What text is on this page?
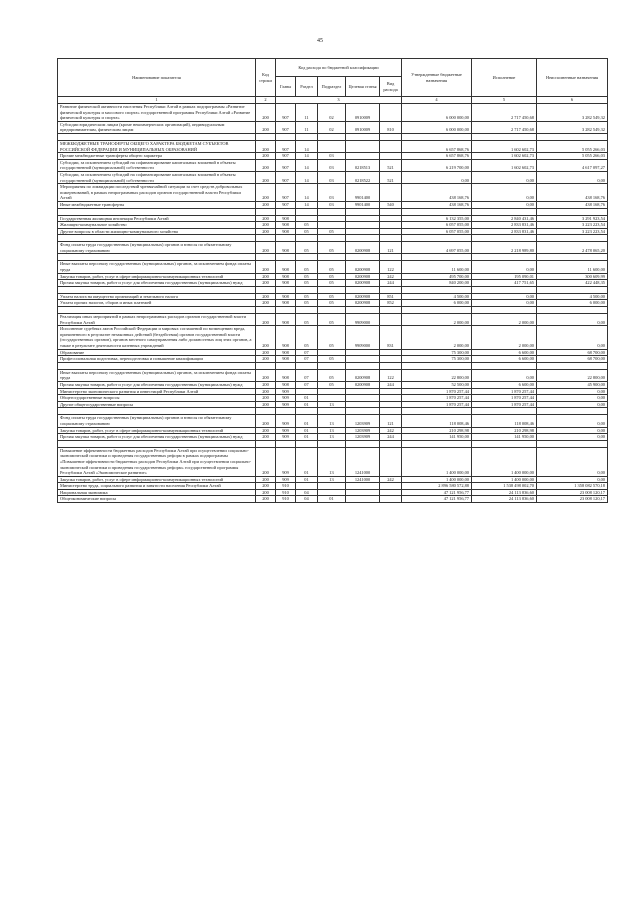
45
Наименование показателя	Код строки	Код расхода по бюджетной классификации					Утвержденные бюджетные назначения	Исполнение	Неисполненные назначения
		Главы	Раздел	Подраздел	Целевая статья	Вид расхода			
1	2	3					4	5	6
Развитие физической активности населения Республики Алтай в рамках подпрограммы «Развитие физической культуры и массового спорта» государственной программы Республики Алтай «Развитие физической культуры и спорта»	200	907	11	02	0910009		6 000 000,00	2 717 450,68	3 282 549,32
Субсидии юридическим лицам (кроме некоммерческих организаций), индивидуальным предпринимателям, физическим лицам	200	907	11	02	0910009	810	6 000 000,00	2 717 450,68	3 282 549,32

МЕЖБЮДЖЕТНЫЕ ТРАНСФЕРТЫ ОБЩЕГО ХАРАКТЕРА БЮДЖЕТАМ СУБЪЕКТОВ РОССИЙСКОЙ ФЕДЕРАЦИИ И МУНИЦИПАЛЬНЫХ ОБРАЗОВАНИЙ	200	907	14				6 657 868,76	1 602 602,73	5 055 266,03
Прочие межбюджетные трансферты общего характера	200	907	14	03			6 657 868,76	1 602 602,73	5 055 266,03
Субсидии, за исключением субсидий на софинансирование капитальных вложений в объекты государственной (муниципальной) собственности	200	907	14	03	0218513	521	6 219 700,00	1 602 602,73	4 617 097,27
Субсидии, за исключением субсидий на софинансирование капитальных вложений в объекты государственной (муниципальной) собственности	200	907	14	03	0218522	521	0,00	0,00	0,00
Мероприятия по ликвидации последствий чрезвычайной ситуации за счет средств добровольных пожертвований, в рамках непрограммных расходов органов государственной власти Республики Алтай	200	907	14	03	9901400		438 168,76	0,00	438 168,76
Иные межбюджетные трансферты	200	907	14	03	9901400	540	438 168,76	0,00	438 168,76

Государственная жилищная инспекция Республики Алтай	200	908					6 132 355,00	2 840 431,46	3 291 923,54
Жилищно-коммунальное хозяйство	200	908	05				6 057 055,00	2 833 831,46	3 223 223,54
Другие вопросы в области жилищно-коммунального хозяйства	200	908	05	05			6 057 055,00	2 833 831,46	3 223 223,54

Фонд оплаты труда государственных (муниципальных) органов и взносы по обязательному социальному страхованию	200	908	05	05	0200908	121	4 697 055,00	2 218 989,80	2 478 065,20

Иные выплаты персоналу государственных (муниципальных) органов, за исключением фонда оплаты труда	200	908	05	05	0200908	122	11 600,00	0,00	11 600,00
Закупка товаров, работ, услуг в сфере информационно-коммуникационных технологий	200	908	05	05	0200908	242	495 700,00	195 090,01	300 609,99
Прочая закупка товаров, работ и услуг для обеспечения государственных (муниципальных) нужд	200	908	05	05	0200908	244	840 200,00	417 751,65	422 448,35

Уплата налога на имущество организаций и земельного налога	200	908	05	05	0200908	851	4 500,00	0,00	4 500,00
Уплата прочих налогов, сборов и иных платежей	200	908	05	05	0200908	852	6 000,00	0,00	6 000,00

Реализация иных мероприятий в рамках непрограммных расходов органов государственной власти Республики Алтай	200	908	05	05	9909000		2 000,00	2 000,00	0,00
Исполнение судебных актов Российской Федерации и мировых соглашений по возмещению вреда, причиненного в результате незаконных действий (бездействия) органов государственной власти (государственных органов), органов местного самоуправления либо должностных лиц этих органов, а также в результате деятельности казенных учреждений	200	908	05	05	9909000	831	2 000,00	2 000,00	0,00
Образование	200	908	07				75 300,00	6 600,00	68 700,00
Профессиональная подготовка, переподготовка и повышение квалификации	200	908	07	05			75 300,00	6 600,00	68 700,00

Иные выплаты персоналу государственных (муниципальных) органов, за исключением фонда оплаты труда	200	908	07	05	0200908	122	22 800,00	0,00	22 800,00
Прочая закупка товаров, работ и услуг для обеспечения государственных (муниципальных) нужд	200	908	07	05	0200908	244	52 500,00	6 600,00	45 900,00
Министерство экономического развития и инвестиций Республики Алтай	200	909					1 870 257,44	1 870 257,44	0,00
Общегосударственные вопросы	200	909	01				1 870 257,44	1 870 257,44	0,00
Другие общегосударственные вопросы	200	909	01	13			1 870 257,44	1 870 257,44	0,00

Фонд оплаты труда государственных (муниципальных) органов и взносы по обязательному социальному страхованию	200	909	01	13	1203909	121	118 008,46	118 008,46	0,00
Закупка товаров, работ, услуг в сфере информационно-коммуникационных технологий	200	909	01	13	1203909	242	210 298,98	210 298,98	0,00
Прочая закупка товаров, работ и услуг для обеспечения государственных (муниципальных) нужд	200	909	01	13	1203909	244	141 950,00	141 950,00	0,00

Повышение эффективности бюджетных расходов Республики Алтай при осуществлении социально-экономической политики и проведения государственных реформ в рамках подпрограммы «Повышение эффективности бюджетных расходов Республики Алтай при осуществлении социально-экономической политики и проведения государственных реформ» государственной программы Республики Алтай «Экономическое развитие»	200	909	01	13	1241000		1 400 000,00	1 400 000,00	0,00
Закупка товаров, работ, услуг в сфере информационно-коммуникационных технологий	200	909	01	13	1241000	242	1 400 000,00	1 400 000,00	0,00
Министерство труда, социального развития и занятости населения Республики Алтай	200	910					2 896 580 572,88	1 538 498 002,70	1 358 082 570,18
Национальная экономика	200	910	04				47 121 956,77	24 113 836,60	23 008 120,17
Общеэкономические вопросы	200	910	04	01			47 121 956,77	24 113 836,60	23 008 120,17
